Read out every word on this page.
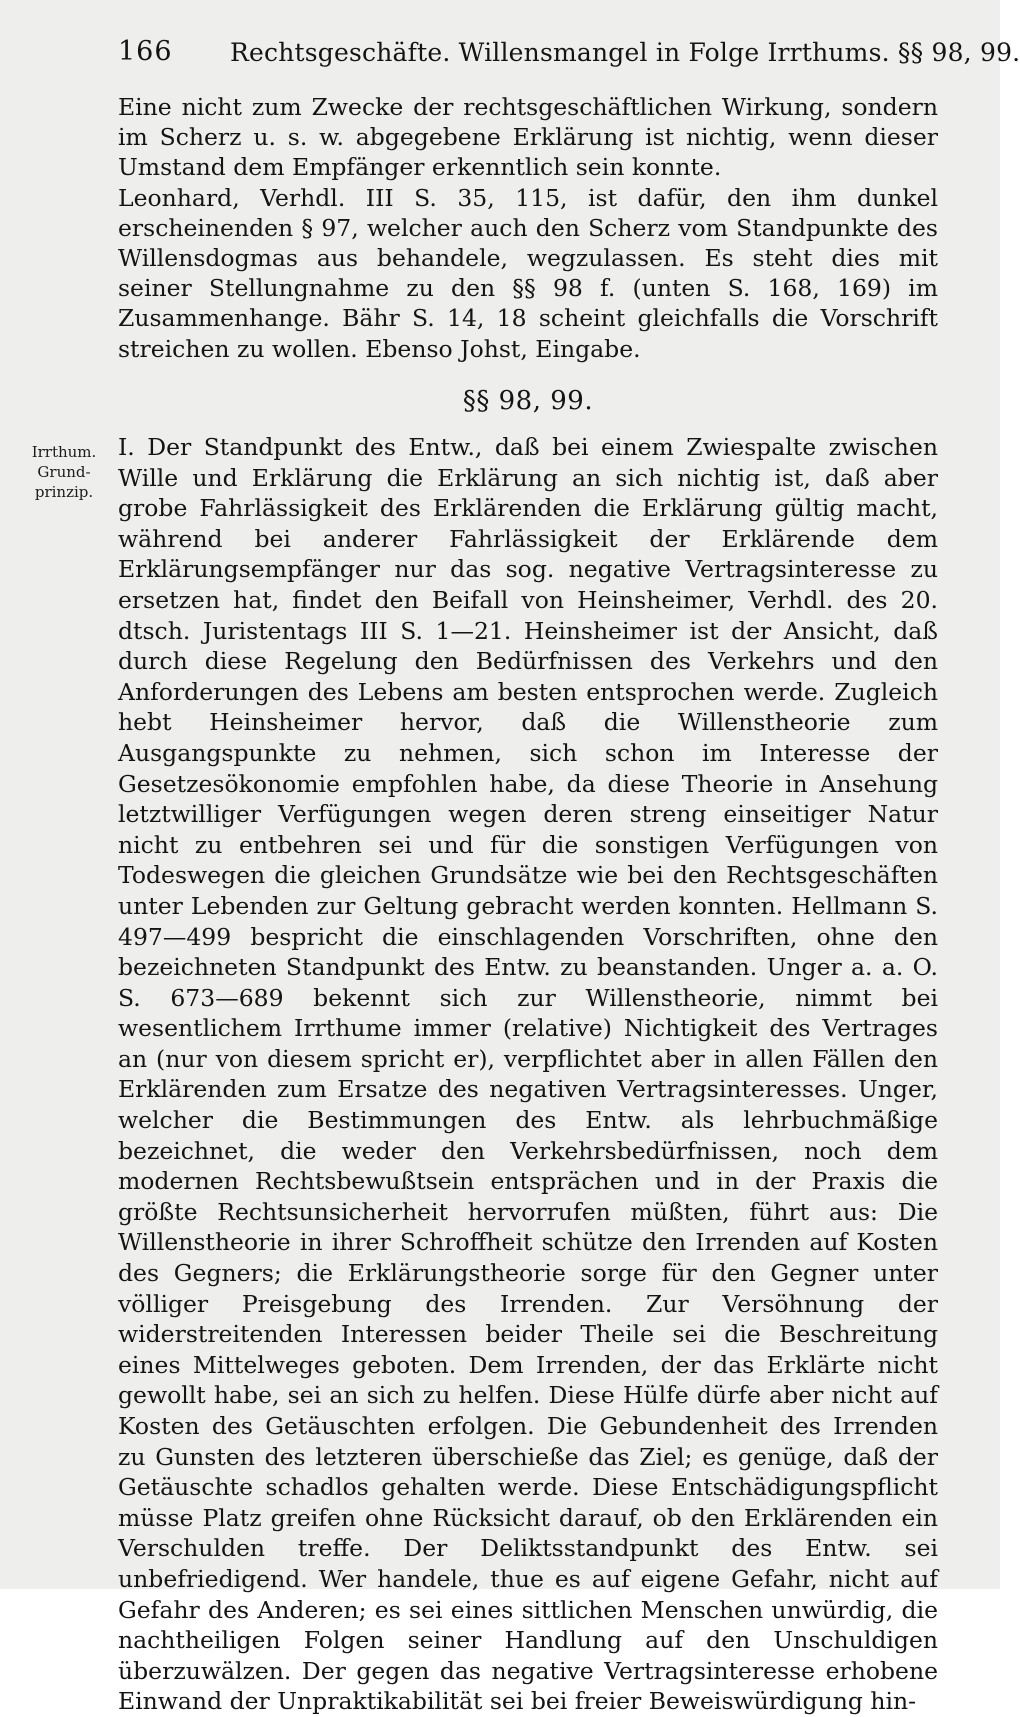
166 Rechtsgeschäfte. Willensmangel in Folge Irrthums. §§ 98, 99.

Eine nicht zum Zwecke der rechtsgeschäftlichen Wirkung, sondern im Scherz u. s. w. abgegebene Erklärung ist nichtig, wenn dieser Umstand dem Empfänger erkenntlich sein konnte.

Leonhard, Verhdl. III S. 35, 115, ist dafür, den ihm dunkel erscheinenden § 97, welcher auch den Scherz vom Standpunkte des Willensdogmas aus behandele, wegzulassen. Es steht dies mit seiner Stellungnahme zu den §§ 98 f. (unten S. 168, 169) im Zusammenhange. Bähr S. 14, 18 scheint gleichfalls die Vorschrift streichen zu wollen. Ebenso Johst, Eingabe.

§§ 98, 99.
Irrthum.
Grund-
prinzip.

I. Der Standpunkt des Entw., daß bei einem Zwiespalte zwischen Wille und Erklärung die Erklärung an sich nichtig ist, daß aber grobe Fahrlässigkeit des Erklärenden die Erklärung gültig macht, während bei anderer Fahrlässigkeit der Erklärende dem Erklärungsempfänger nur das sog. negative Vertragsinteresse zu ersetzen hat, findet den Beifall von Heinsheimer, Verhdl. des 20. dtsch. Juristentags III S. 1—21. Heinsheimer ist der Ansicht, daß durch diese Regelung den Bedürfnissen des Verkehrs und den Anforderungen des Lebens am besten entsprochen werde. Zugleich hebt Heinsheimer hervor, daß die Willenstheorie zum Ausgangspunkte zu nehmen, sich schon im Interesse der Gesetzesökonomie empfohlen habe, da diese Theorie in Ansehung letztwilliger Verfügungen wegen deren streng einseitiger Natur nicht zu entbehren sei und für die sonstigen Verfügungen von Todeswegen die gleichen Grundsätze wie bei den Rechtsgeschäften unter Lebenden zur Geltung gebracht werden konnten. Hellmann S. 497—499 bespricht die einschlagenden Vorschriften, ohne den bezeichneten Standpunkt des Entw. zu beanstanden. Unger a. a. O. S. 673—689 bekennt sich zur Willenstheorie, nimmt bei wesentlichem Irrthume immer (relative) Nichtigkeit des Vertrages an (nur von diesem spricht er), verpflichtet aber in allen Fällen den Erklärenden zum Ersatze des negativen Vertragsinteresses. Unger, welcher die Bestimmungen des Entw. als lehrbuchmäßige bezeichnet, die weder den Verkehrsbedürfnissen, noch dem modernen Rechtsbewußtsein entsprächen und in der Praxis die größte Rechtsunsicherheit hervorrufen müßten, führt aus: Die Willenstheorie in ihrer Schroffheit schütze den Irrenden auf Kosten des Gegners; die Erklärungstheorie sorge für den Gegner unter völliger Preisgebung des Irrenden. Zur Versöhnung der widerstreitenden Interessen beider Theile sei die Beschreitung eines Mittelweges geboten. Dem Irrenden, der das Erklärte nicht gewollt habe, sei an sich zu helfen. Diese Hülfe dürfe aber nicht auf Kosten des Getäuschten erfolgen. Die Gebundenheit des Irrenden zu Gunsten des letzteren überschieße das Ziel; es genüge, daß der Getäuschte schadlos gehalten werde. Diese Entschädigungspflicht müsse Platz greifen ohne Rücksicht darauf, ob den Erklärenden ein Verschulden treffe. Der Deliktsstandpunkt des Entw. sei unbefriedigend. Wer handele, thue es auf eigene Gefahr, nicht auf Gefahr des Anderen; es sei eines sittlichen Menschen unwürdig, die nachtheiligen Folgen seiner Handlung auf den Unschuldigen überzuwälzen. Der gegen das negative Vertragsinteresse erhobene Einwand der Unpraktikabilität sei bei freier Beweiswürdigung hin-
